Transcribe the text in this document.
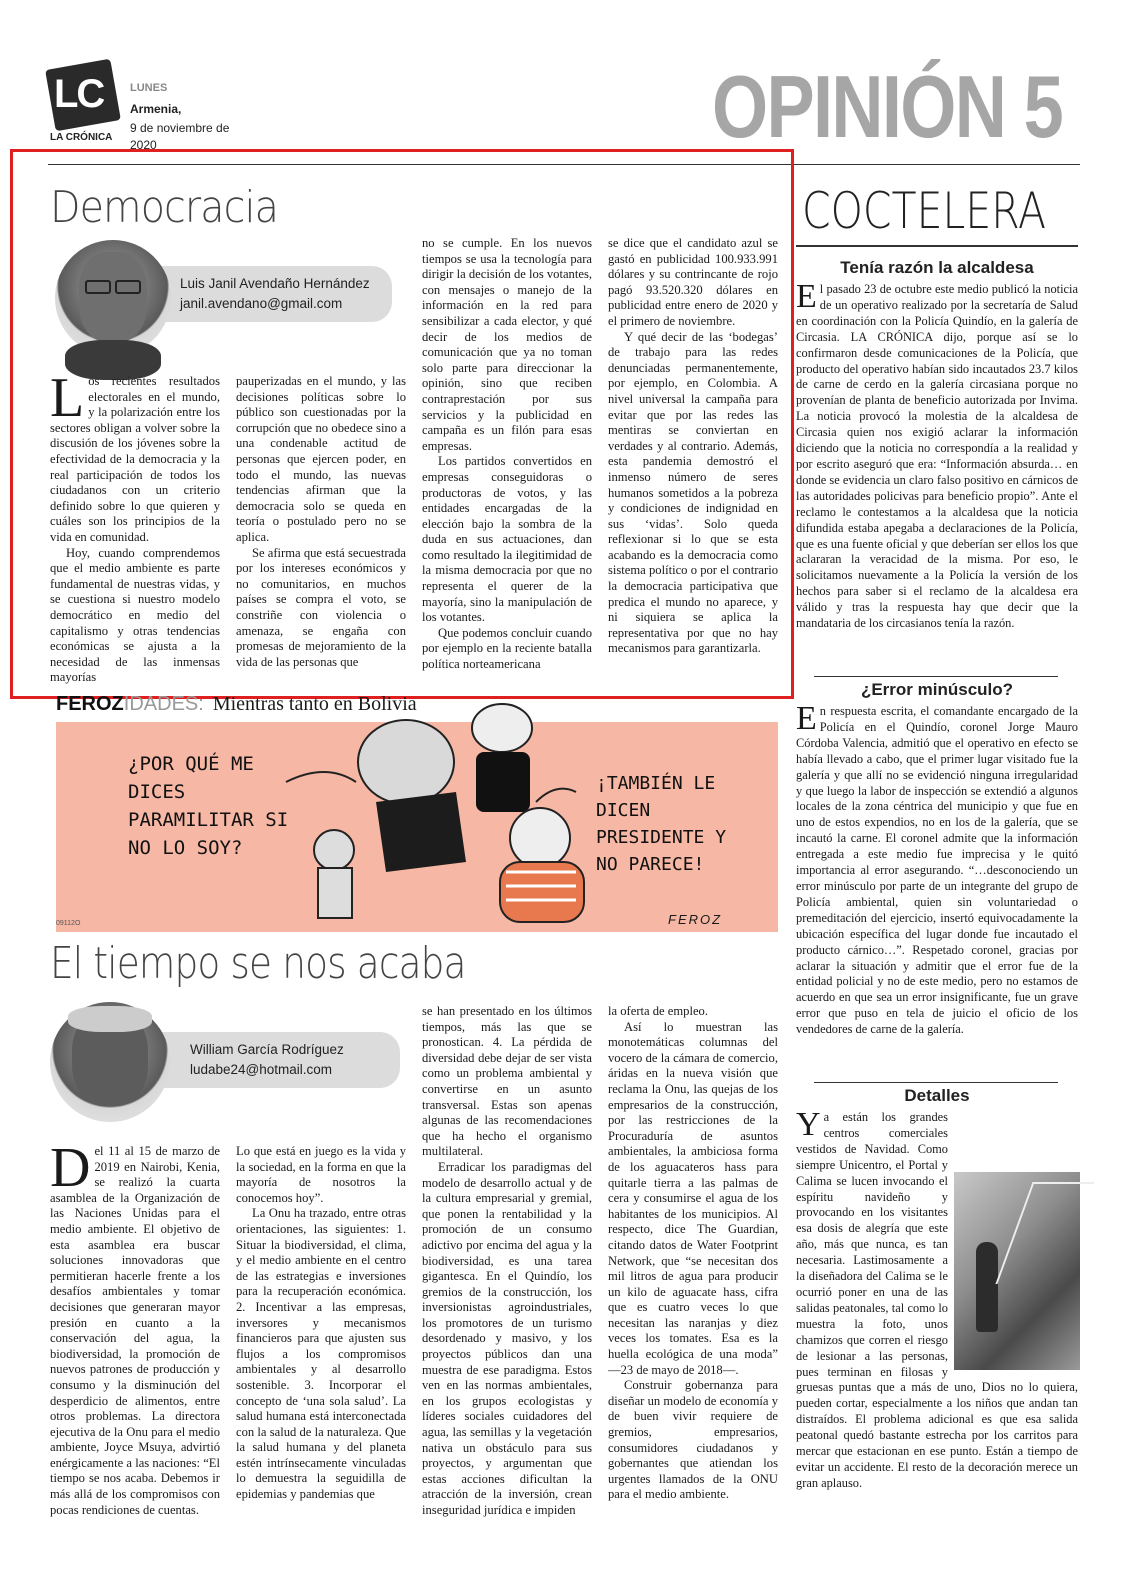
LC
LA CRÓNICA
LUNES
Armenia,
9 de noviembre de 2020	OPINIÓN 5
Democracia
Luis Janil Avendaño Hernández
janil.avendano@gmail.com

Los recientes resultados electorales en el mundo, y la polarización entre los sectores obligan a volver sobre la discusión de los jóvenes sobre la efectividad de la democracia y la real participación de todos los ciudadanos con un criterio definido sobre lo que quieren y cuáles son los principios de la vida en comunidad.

Hoy, cuando comprendemos que el medio ambiente es parte fundamental de nuestras vidas, y se cuestiona si nuestro modelo democrático en medio del capitalismo y otras tendencias económicas se ajusta a la necesidad de las inmensas mayorías

pauperizadas en el mundo, y las decisiones políticas sobre lo público son cuestionadas por la corrupción que no obedece sino a una condenable actitud de personas que ejercen poder, en todo el mundo, las nuevas tendencias afirman que la democracia solo se queda en teoría o postulado pero no se aplica.

Se afirma que está secuestrada por los intereses económicos y no comunitarios, en muchos países se compra el voto, se constriñe con violencia o amenaza, se engaña con promesas de mejoramiento de la vida de las personas que

no se cumple. En los nuevos tiempos se usa la tecnología para dirigir la decisión de los votantes, con mensajes o manejo de la información en la red para sensibilizar a cada elector, y qué decir de los medios de comunicación que ya no toman solo parte para direccionar la opinión, sino que reciben contraprestación por sus servicios y la publicidad en campaña es un filón para esas empresas.

Los partidos convertidos en empresas conseguidoras o productoras de votos, y las entidades encargadas de la elección bajo la sombra de la duda en sus actuaciones, dan como resultado la ilegitimidad de la misma democracia por que no representa el querer de la mayoría, sino la manipulación de los votantes.

Que podemos concluir cuando por ejemplo en la reciente batalla política norteamericana

se dice que el candidato azul se gastó en publicidad 100.933.991 dólares y su contrincante de rojo pagó 93.520.320 dólares en publicidad entre enero de 2020 y el primero de noviembre.

Y qué decir de las ‘bodegas’ de trabajo para las redes denunciadas permanentemente, por ejemplo, en Colombia. A nivel universal la campaña para evitar que por las redes las mentiras se conviertan en verdades y al contrario. Además, esta pandemia demostró el inmenso número de seres humanos sometidos a la pobreza y condiciones de indignidad en sus ‘vidas’. Solo queda reflexionar si lo que se esta acabando es la democracia como sistema político o por el contrario la democracia participativa que predica el mundo no aparece, y ni siquiera se aplica la representativa por que no hay mecanismos para garantizarla.

FEROZIDADES: Mientras tanto en Bolivia
¿POR QUÉ ME DICES PARAMILITAR SI NO LO SOY?
¡TAMBIÉN LE DICEN PRESIDENTE Y NO PARECE!
FEROZ
09112O
El tiempo se nos acaba
William García Rodríguez
ludabe24@hotmail.com

Del 11 al 15 de marzo de 2019 en Nairobi, Kenia, se realizó la cuarta asamblea de la Organización de las Naciones Unidas para el medio ambiente. El objetivo de esta asamblea era buscar soluciones innovadoras que permitieran hacerle frente a los desafíos ambientales y tomar decisiones que generaran mayor presión en cuanto a la conservación del agua, la biodiversidad, la promoción de nuevos patrones de producción y consumo y la disminución del desperdicio de alimentos, entre otros problemas. La directora ejecutiva de la Onu para el medio ambiente, Joyce Msuya, advirtió enérgicamente a las naciones: “El tiempo se nos acaba. Debemos ir más allá de los compromisos con pocas rendiciones de cuentas.

Lo que está en juego es la vida y la sociedad, en la forma en que la mayoría de nosotros la conocemos hoy”.

La Onu ha trazado, entre otras orientaciones, las siguientes: 1. Situar la biodiversidad, el clima, y el medio ambiente en el centro de las estrategias e inversiones para la recuperación económica. 2. Incentivar a las empresas, inversores y mecanismos financieros para que ajusten sus flujos a los compromisos ambientales y al desarrollo sostenible. 3. Incorporar el concepto de ‘una sola salud’. La salud humana está interconectada con la salud de la naturaleza. Que la salud humana y del planeta estén intrínsecamente vinculadas lo demuestra la seguidilla de epidemias y pandemias que

se han presentado en los últimos tiempos, más las que se pronostican. 4. La pérdida de diversidad debe dejar de ser vista como un problema ambiental y convertirse en un asunto transversal. Estas son apenas algunas de las recomendaciones que ha hecho el organismo multilateral.

Erradicar los paradigmas del modelo de desarrollo actual y de la cultura empresarial y gremial, que ponen la rentabilidad y la promoción de un consumo adictivo por encima del agua y la biodiversidad, es una tarea gigantesca. En el Quindío, los gremios de la construcción, los inversionistas agroindustriales, los promotores de un turismo desordenado y masivo, y los proyectos públicos dan una muestra de ese paradigma. Estos ven en las normas ambientales, en los grupos ecologistas y líderes sociales cuidadores del agua, las semillas y la vegetación nativa un obstáculo para sus proyectos, y argumentan que estas acciones dificultan la atracción de la inversión, crean inseguridad jurídica e impiden

la oferta de empleo.

Así lo muestran las monotemáticas columnas del vocero de la cámara de comercio, áridas en la nueva visión que reclama la Onu, las quejas de los empresarios de la construcción, por las restricciones de la Procuraduría de asuntos ambientales, la ambiciosa forma de los aguacateros hass para quitarle tierra a las palmas de cera y consumirse el agua de los habitantes de los municipios. Al respecto, dice The Guardian, citando datos de Water Footprint Network, que “se necesitan dos mil litros de agua para producir un kilo de aguacate hass, cifra que es cuatro veces lo que necesitan las naranjas y diez veces los tomates. Esa es la huella ecológica de una moda” —23 de mayo de 2018—.

Construir gobernanza para diseñar un modelo de economía y de buen vivir requiere de gremios, empresarios, consumidores ciudadanos y gobernantes que atiendan los urgentes llamados de la ONU para el medio ambiente.

COCTELERA
Tenía razón la alcaldesa
El pasado 23 de octubre este medio publicó la noticia de un operativo realizado por la secretaría de Salud en coordinación con la Policía Quindío, en la galería de Circasia. LA CRÓNICA dijo, porque así se lo confirmaron desde comunicaciones de la Policía, que producto del operativo habían sido incautados 23.7 kilos de carne de cerdo en la galería circasiana porque no provenían de planta de beneficio autorizada por Invima. La noticia provocó la molestia de la alcaldesa de Circasia quien nos exigió aclarar la información diciendo que la noticia no correspondía a la realidad y por escrito aseguró que era: “Información absurda… en donde se evidencia un claro falso positivo en cárnicos de las autoridades policivas para beneficio propio”. Ante el reclamo le contestamos a la alcaldesa que la noticia difundida estaba apegaba a declaraciones de la Policía, que es una fuente oficial y que deberían ser ellos los que aclararan la veracidad de la misma. Por eso, le solicitamos nuevamente a la Policía la versión de los hechos para saber si el reclamo de la alcaldesa era válido y tras la respuesta hay que decir que la mandataria de los circasianos tenía la razón.
¿Error minúsculo?
En respuesta escrita, el comandante encargado de la Policía en el Quindío, coronel Jorge Mauro Córdoba Valencia, admitió que el operativo en efecto se había llevado a cabo, que el primer lugar visitado fue la galería y que allí no se evidenció ninguna irregularidad y que luego la labor de inspección se extendió a algunos locales de la zona céntrica del municipio y que fue en uno de estos expendios, no en los de la galería, que se incautó la carne. El coronel admite que la información entregada a este medio fue imprecisa y le quitó importancia al error asegurando. “…desconociendo un error minúsculo por parte de un integrante del grupo de Policía ambiental, quien sin voluntariedad o premeditación del ejercicio, insertó equivocadamente la ubicación específica del lugar donde fue incautado el producto cárnico…”. Respetado coronel, gracias por aclarar la situación y admitir que el error fue de la entidad policial y no de este medio, pero no estamos de acuerdo en que sea un error insignificante, fue un grave error que puso en tela de juicio el oficio de los vendedores de carne de la galería.
Detalles
Y a están los grandes centros comerciales vestidos de Navidad. Como siempre Unicentro, el Portal y Calima se lucen invocando el espíritu navideño y provocando en los visitantes esa dosis de alegría que este año, más que nunca, es tan necesaria. Lastimosamente a la diseñadora del Calima se le ocurrió poner en una de las salidas peatonales, tal como lo muestra la foto, unos chamizos que corren el riesgo de lesionar a las personas, pues terminan en filosas y gruesas puntas que a más de uno, Dios no lo quiera, pueden cortar, especialmente a los niños que andan tan distraídos. El problema adicional es que esa salida peatonal quedó bastante estrecha por los carritos para mercar que estacionan en ese punto. Están a tiempo de evitar un accidente. El resto de la decoración merece un gran aplauso.
